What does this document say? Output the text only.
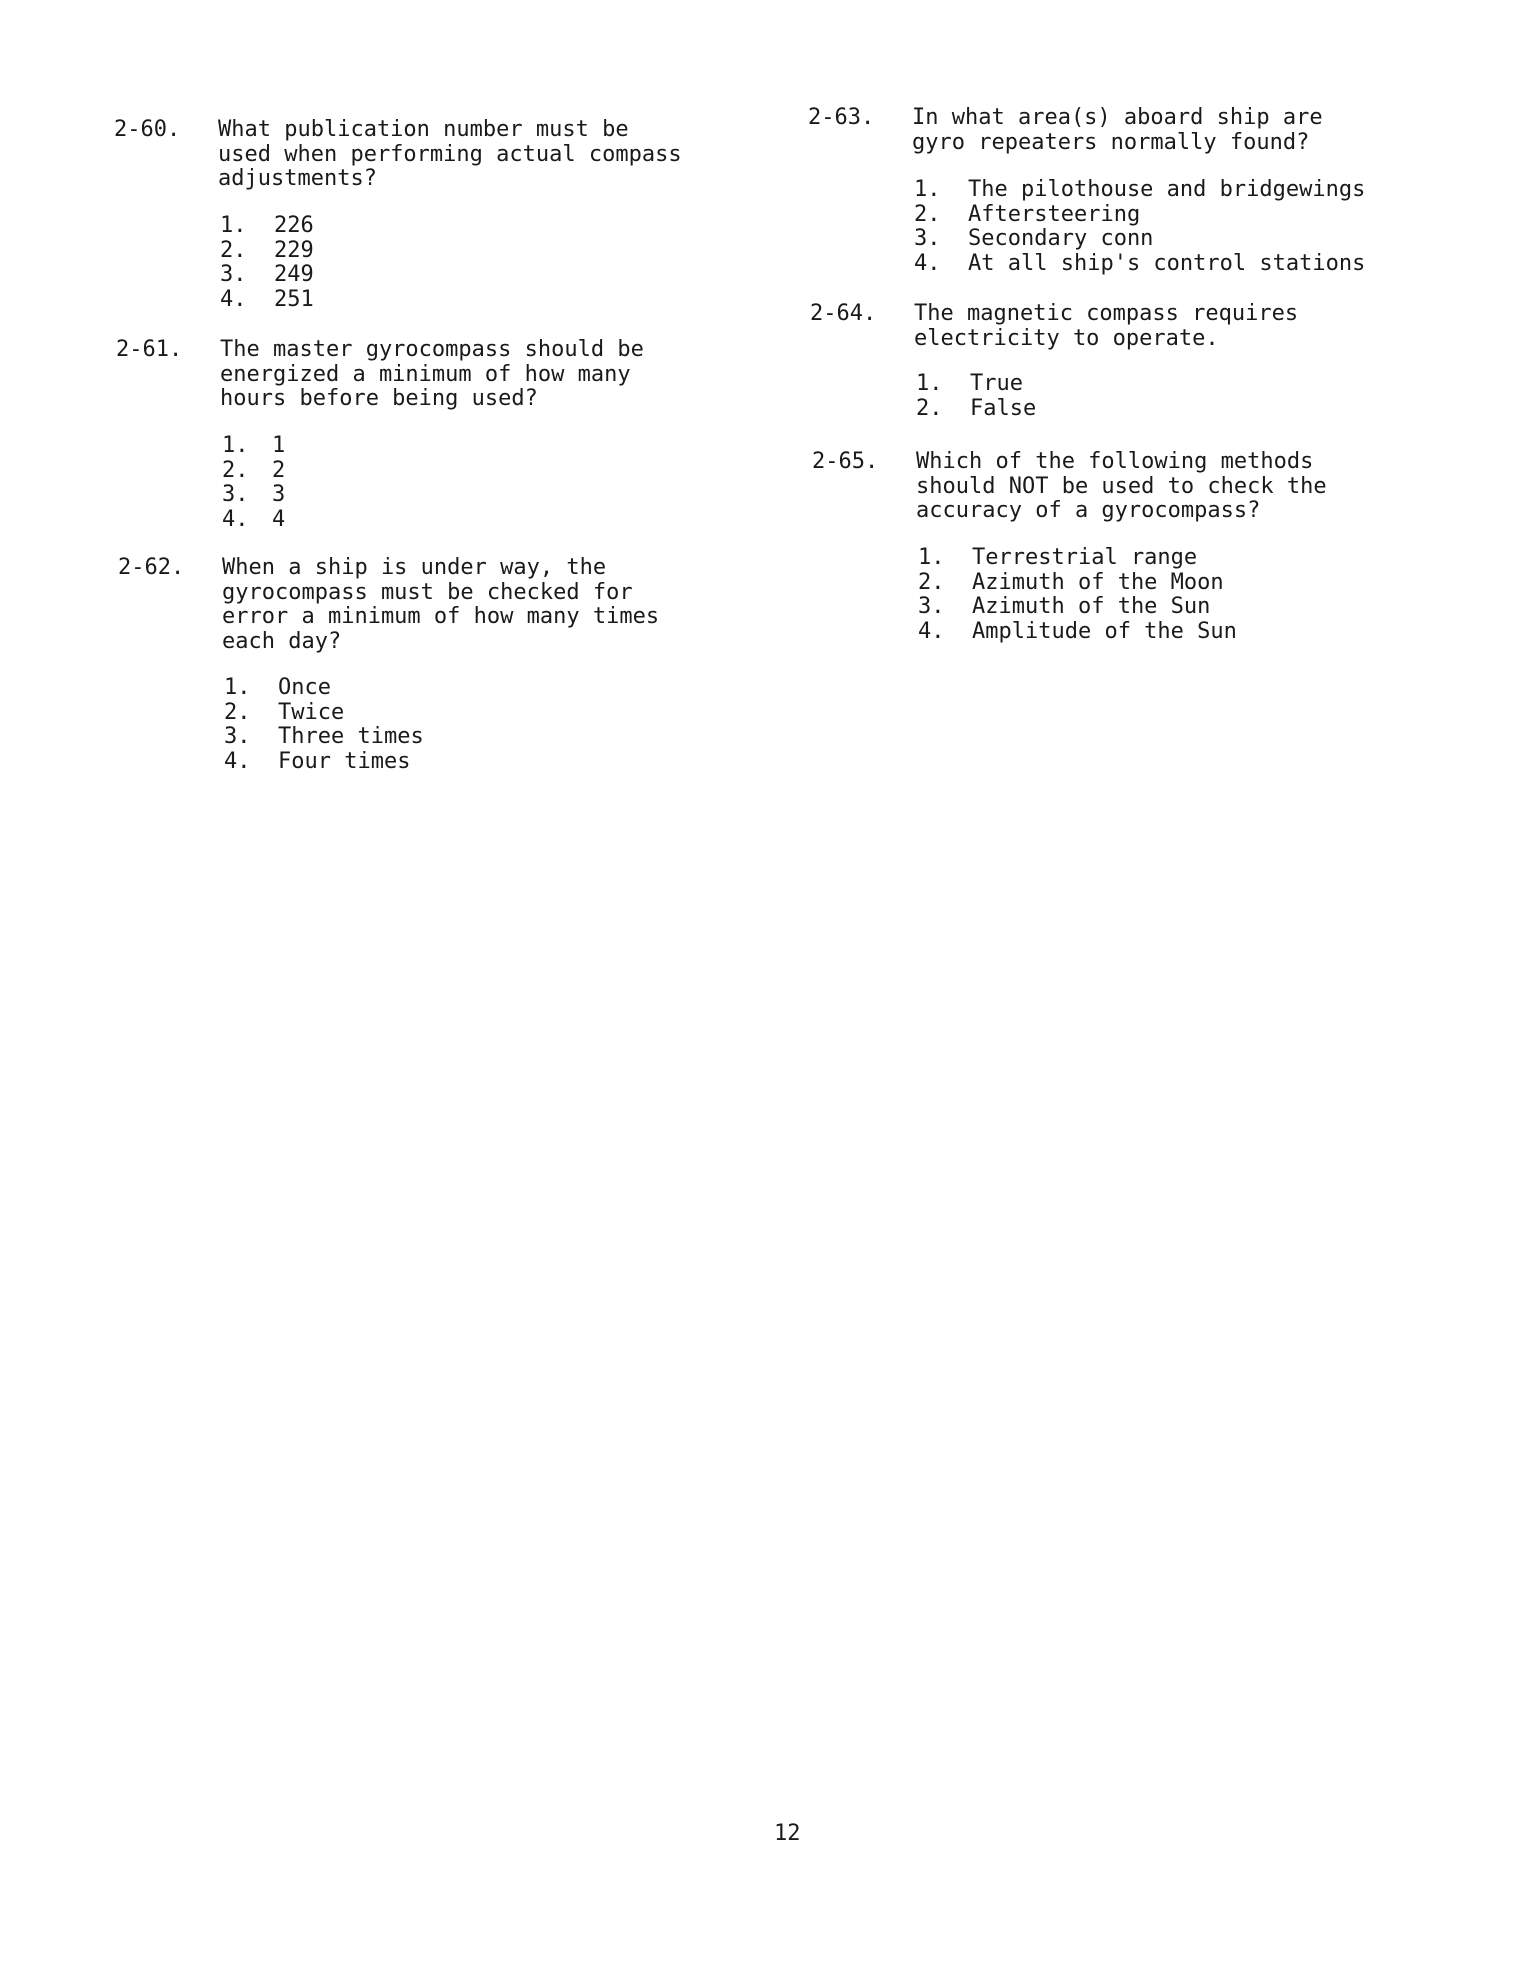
2-60. What publication number must be
used when performing actual compass
adjustments?
1.	226
2.	229
3.	249
4.	251
2-61. The master gyrocompass should be
energized a minimum of how many
hours before being used?
1.	1
2.	2
3.	3
4.	4
2-62. When a ship is under way, the
gyrocompass must be checked for
error a minimum of how many times
each day?
1.	Once
2.	Twice
3.	Three times
4.	Four times
2-63. In what area(s) aboard ship are
gyro repeaters normally found?
1.	The pilothouse and bridgewings
2.	Aftersteering
3.	Secondary conn
4.	At all ship's control stations
2-64. The magnetic compass requires
electricity to operate.
1.	True
2.	False
2-65. Which of the following methods
should NOT be used to check the
accuracy of a gyrocompass?
1.	Terrestrial range
2.	Azimuth of the Moon
3.	Azimuth of the Sun
4.	Amplitude of the Sun
12
